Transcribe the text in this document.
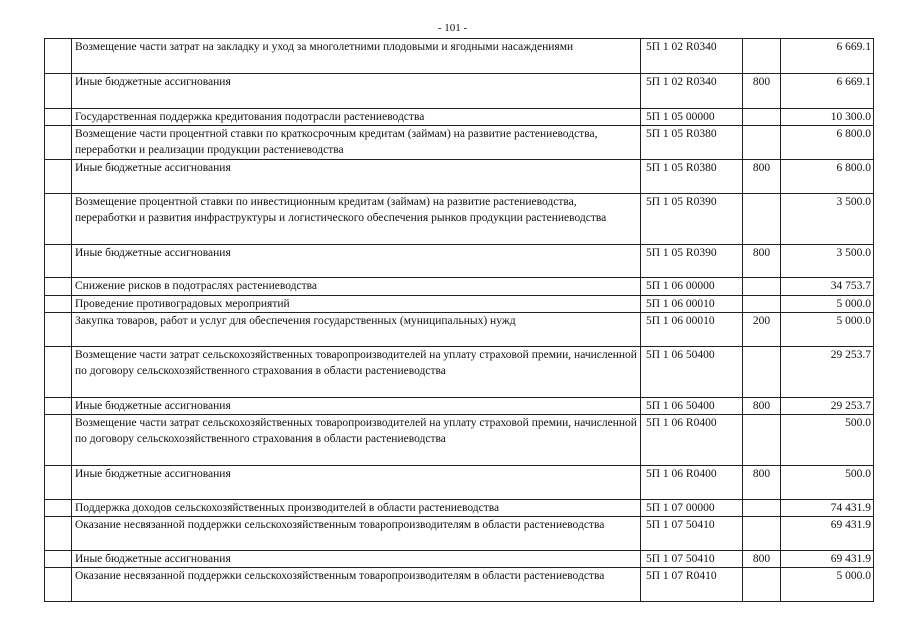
- 101 -
	Возмещение части затрат на закладку и уход за многолетними плодовыми и ягодными насаждениями	5П 1 02 R0340		6 669.1
	Иные бюджетные ассигнования	5П 1 02 R0340	800	6 669.1
	Государственная поддержка кредитования подотрасли растениеводства	5П 1 05 00000		10 300.0
	Возмещение части процентной ставки по краткосрочным кредитам (займам) на развитие растениеводства, переработки и реализации продукции растениеводства	5П 1 05 R0380		6 800.0
	Иные бюджетные ассигнования	5П 1 05 R0380	800	6 800.0
	Возмещение процентной ставки по инвестиционным кредитам (займам) на развитие растениеводства, переработки и развития инфраструктуры и логистического обеспечения рынков продукции растениеводства	5П 1 05 R0390		3 500.0
	Иные бюджетные ассигнования	5П 1 05 R0390	800	3 500.0
	Снижение рисков в подотраслях растениеводства	5П 1 06 00000		34 753.7
	Проведение противоградовых мероприятий	5П 1 06 00010		5 000.0
	Закупка товаров, работ и услуг для обеспечения государственных (муниципальных) нужд	5П 1 06 00010	200	5 000.0
	Возмещение части затрат сельскохозяйственных товаропроизводителей на уплату страховой премии, начисленной по договору сельскохозяйственного страхования в области растениеводства	5П 1 06 50400		29 253.7
	Иные бюджетные ассигнования	5П 1 06 50400	800	29 253.7
	Возмещение части затрат сельскохозяйственных товаропроизводителей на уплату страховой премии, начисленной по договору сельскохозяйственного страхования в области растениеводства	5П 1 06 R0400		500.0
	Иные бюджетные ассигнования	5П 1 06 R0400	800	500.0
	Поддержка доходов сельскохозяйственных производителей в области растениеводства	5П 1 07 00000		74 431.9
	Оказание несвязанной поддержки сельскохозяйственным товаропроизводителям в области растениеводства	5П 1 07 50410		69 431.9
	Иные бюджетные ассигнования	5П 1 07 50410	800	69 431.9
	Оказание несвязанной поддержки сельскохозяйственным товаропроизводителям в области растениеводства	5П 1 07 R0410		5 000.0
